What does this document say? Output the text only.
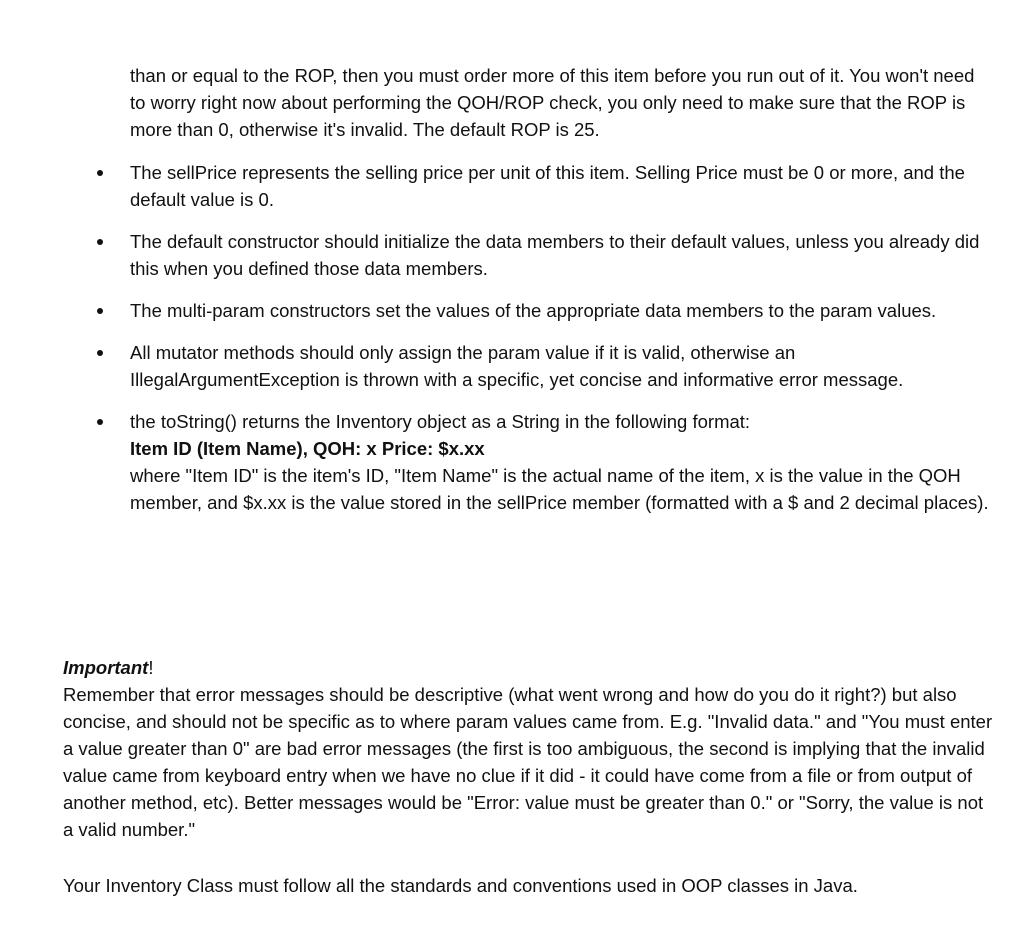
than or equal to the ROP, then you must order more of this item before you run out of it. You won't need to worry right now about performing the QOH/ROP check, you only need to make sure that the ROP is more than 0, otherwise it's invalid. The default ROP is 25.

The sellPrice represents the selling price per unit of this item. Selling Price must be 0 or more, and the default value is 0.

The default constructor should initialize the data members to their default values, unless you already did this when you defined those data members.

The multi-param constructors set the values of the appropriate data members to the param values.

All mutator methods should only assign the param value if it is valid, otherwise an IllegalArgumentException is thrown with a specific, yet concise and informative error message.

the toString() returns the Inventory object as a String in the following format:

Item ID (Item Name), QOH: x Price: $x.xx

where "Item ID" is the item's ID, "Item Name" is the actual name of the item, x is the value in the QOH member, and $x.xx is the value stored in the sellPrice member (formatted with a $ and 2 decimal places).

Important!

Remember that error messages should be descriptive (what went wrong and how do you do it right?) but also concise, and should not be specific as to where param values came from. E.g. "Invalid data." and "You must enter a value greater than 0" are bad error messages (the first is too ambiguous, the second is implying that the invalid value came from keyboard entry when we have no clue if it did - it could have come from a file or from output of another method, etc). Better messages would be "Error: value must be greater than 0." or "Sorry, the value is not a valid number."

Your Inventory Class must follow all the standards and conventions used in OOP classes in Java.
